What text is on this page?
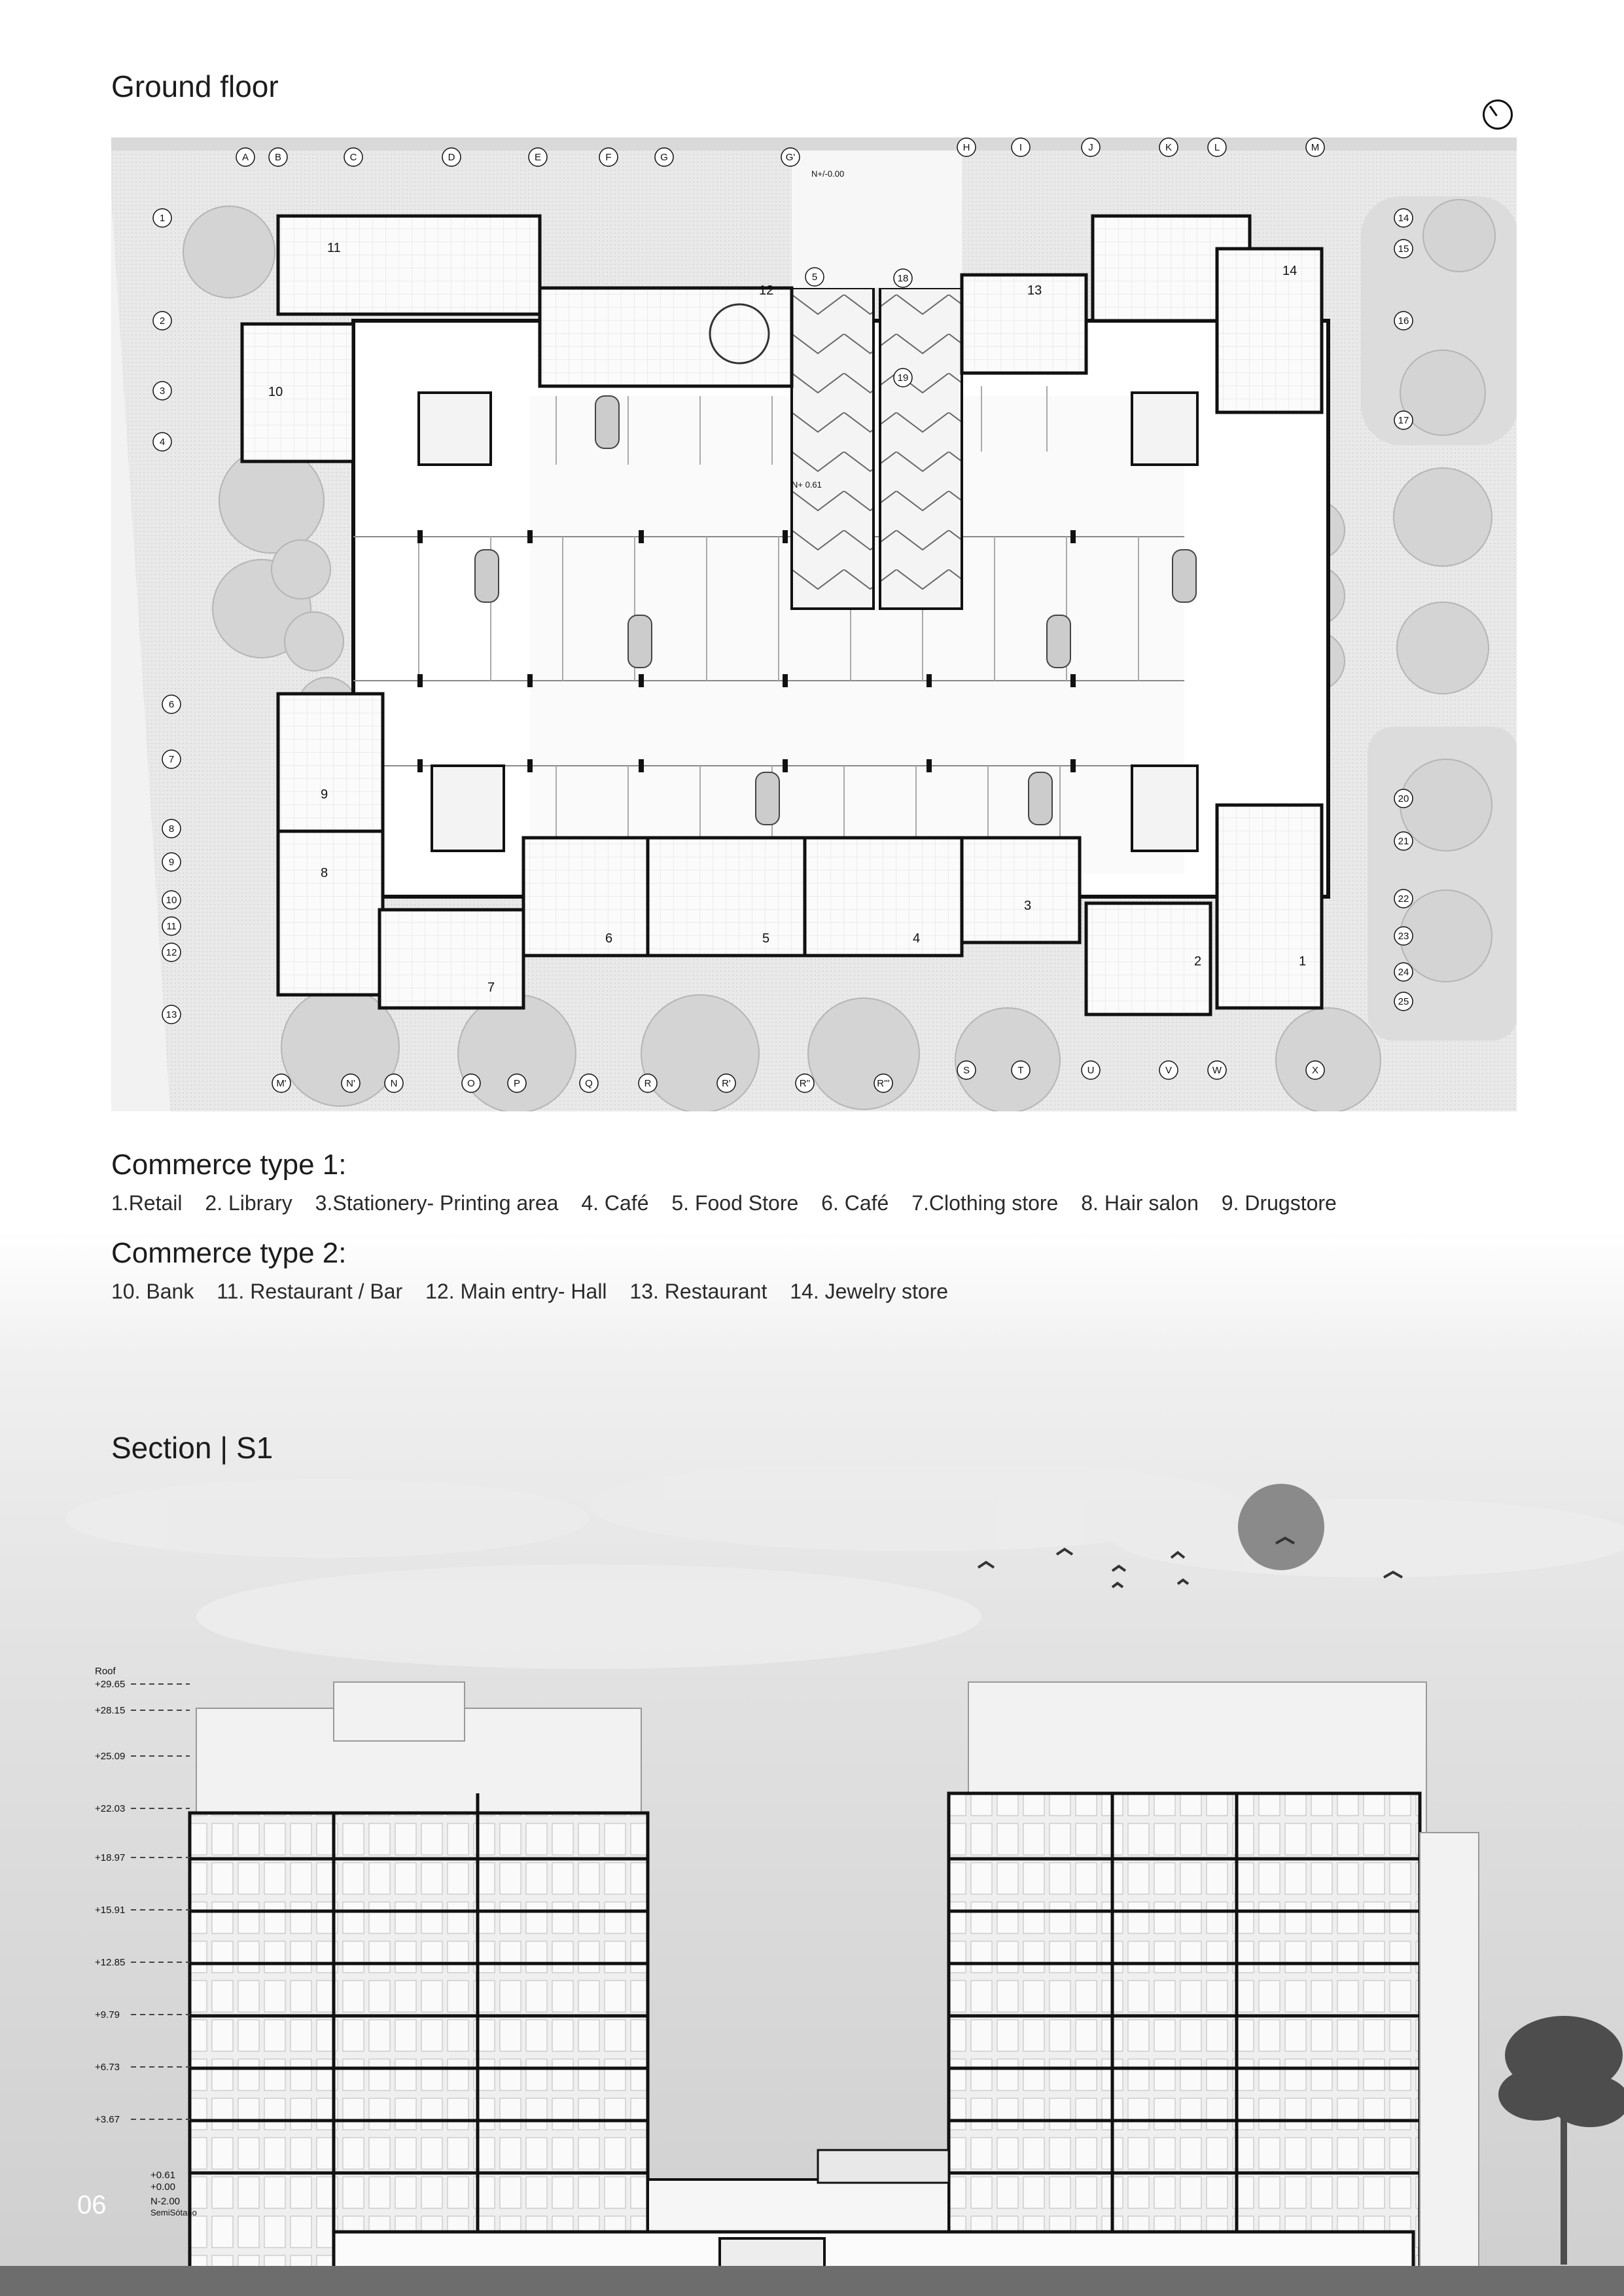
Ground floor
11
10
12	13
14
9
8
7
6	5	4
3
2	1
N+/-0.00
N+ 0.61
A	B	C	D	E	F	G	G'
H	I	J	K	L	M
1
2
3
4
6
7
8
9
10
11
12
13
14
15
16
17
20
21
22
23
24
25
5	18
19
M'	N'	N	O	P	Q	R	R'	R''	R'''
S	T	U	V	W	X
Commerce type 1:
1.Retail 2. Library 3.Stationery- Printing area 4. Café 5. Food Store 6. Café 7.Clothing store 8. Hair salon 9. Drugstore
Commerce type 2:
10. Bank 11. Restaurant / Bar 12. Main entry- Hall 13. Restaurant 14. Jewelry store
Section | S1
Roof
+29.65
+28.15
+25.09
+22.03
+18.97
+15.91
+12.85
+9.79
+6.73
+3.67
+0.61
+0.00
N-2.00
SemiSótano
06
